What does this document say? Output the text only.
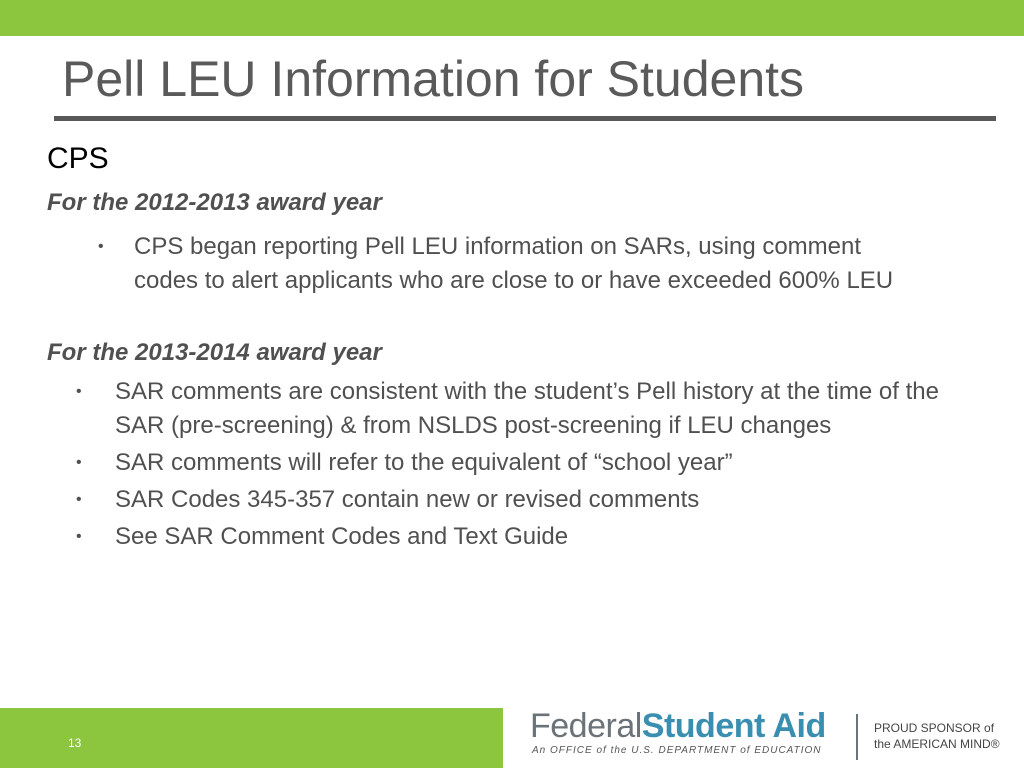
Pell LEU Information for Students
CPS
For the 2012-2013 award year
• CPS began reporting Pell LEU information on SARs, using comment codes to alert applicants who are close to or have exceeded 600% LEU
For the 2013-2014 award year
• SAR comments are consistent with the student’s Pell history at the time of the SAR (pre-screening) & from NSLDS post-screening if LEU changes
• SAR comments will refer to the equivalent of “school year”
• SAR Codes 345-357 contain new or revised comments
• See SAR Comment Codes and Text Guide
13	FederalStudent Aid
An OFFICE of the U.S. DEPARTMENT of EDUCATION
PROUD SPONSOR of
the AMERICAN MIND®
